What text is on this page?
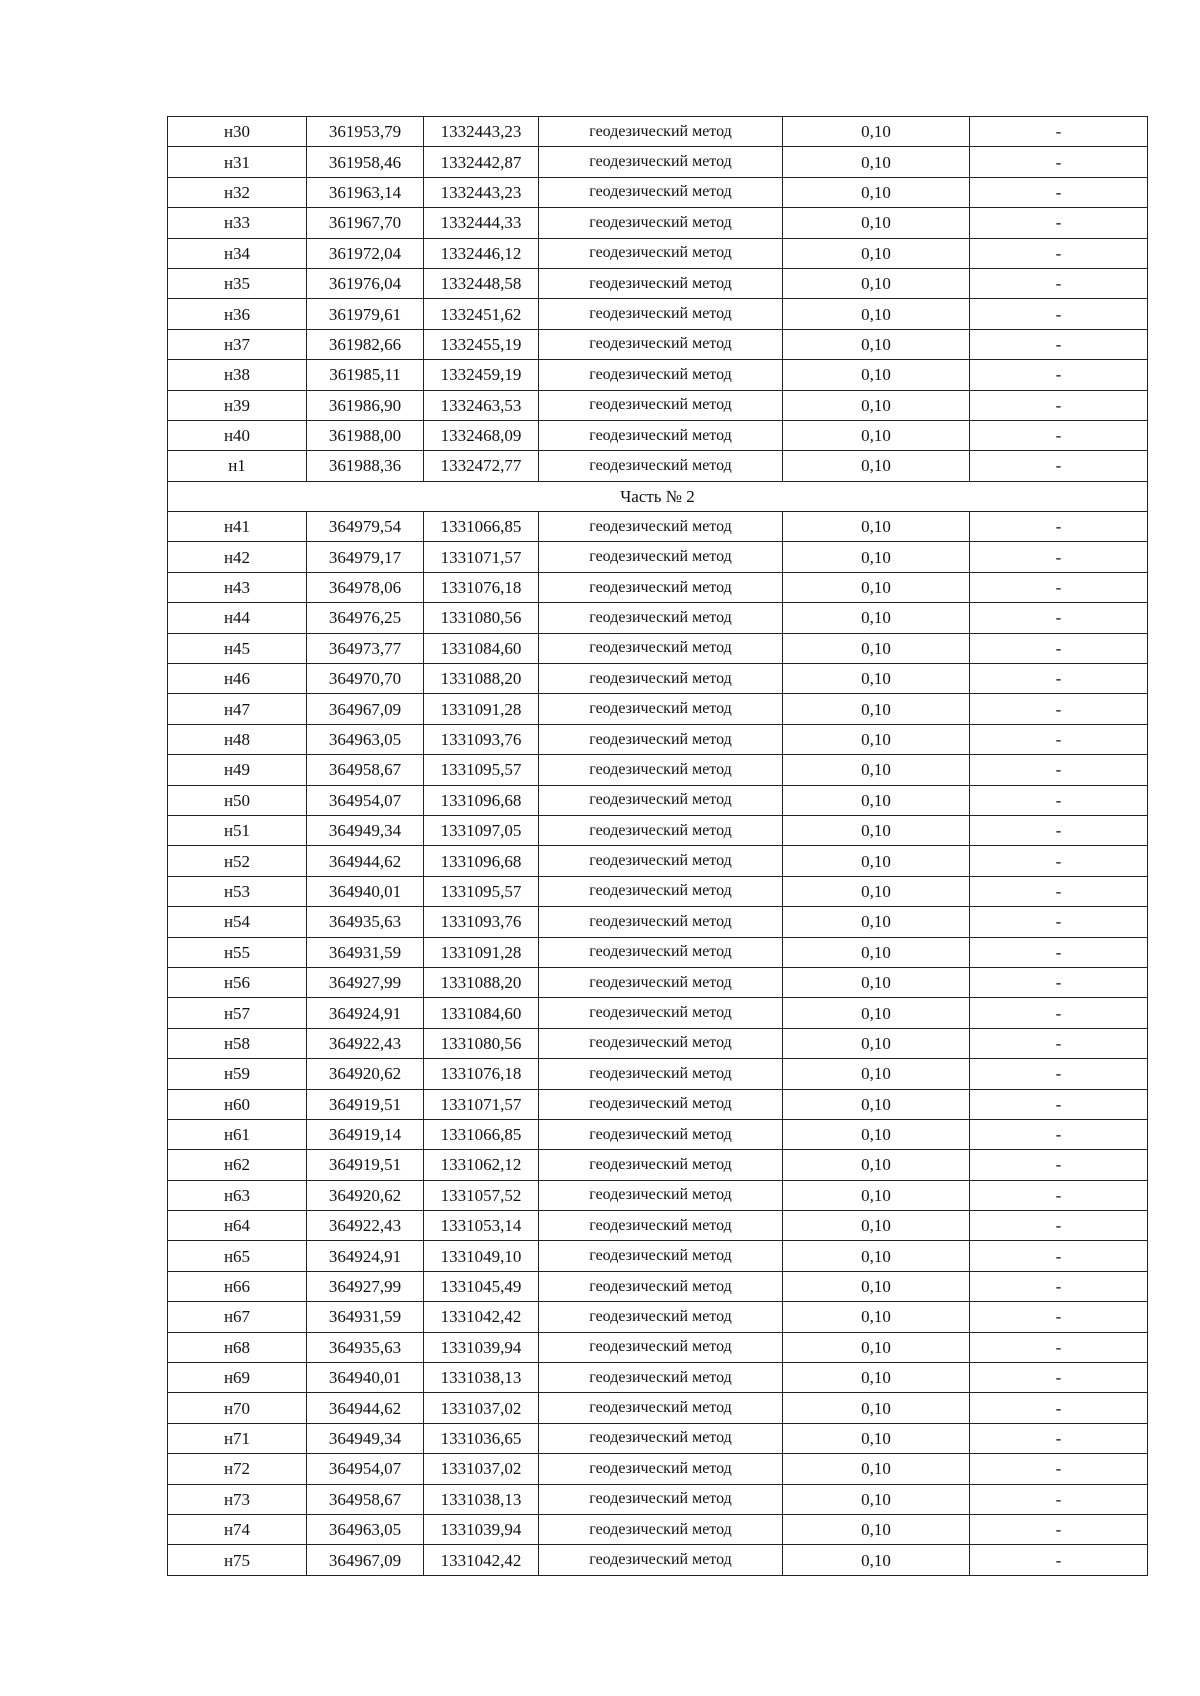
н30	361953,79	1332443,23	геодезический метод	0,10	-
н31	361958,46	1332442,87	геодезический метод	0,10	-
н32	361963,14	1332443,23	геодезический метод	0,10	-
н33	361967,70	1332444,33	геодезический метод	0,10	-
н34	361972,04	1332446,12	геодезический метод	0,10	-
н35	361976,04	1332448,58	геодезический метод	0,10	-
н36	361979,61	1332451,62	геодезический метод	0,10	-
н37	361982,66	1332455,19	геодезический метод	0,10	-
н38	361985,11	1332459,19	геодезический метод	0,10	-
н39	361986,90	1332463,53	геодезический метод	0,10	-
н40	361988,00	1332468,09	геодезический метод	0,10	-
н1	361988,36	1332472,77	геодезический метод	0,10	-
Часть № 2					
н41	364979,54	1331066,85	геодезический метод	0,10	-
н42	364979,17	1331071,57	геодезический метод	0,10	-
н43	364978,06	1331076,18	геодезический метод	0,10	-
н44	364976,25	1331080,56	геодезический метод	0,10	-
н45	364973,77	1331084,60	геодезический метод	0,10	-
н46	364970,70	1331088,20	геодезический метод	0,10	-
н47	364967,09	1331091,28	геодезический метод	0,10	-
н48	364963,05	1331093,76	геодезический метод	0,10	-
н49	364958,67	1331095,57	геодезический метод	0,10	-
н50	364954,07	1331096,68	геодезический метод	0,10	-
н51	364949,34	1331097,05	геодезический метод	0,10	-
н52	364944,62	1331096,68	геодезический метод	0,10	-
н53	364940,01	1331095,57	геодезический метод	0,10	-
н54	364935,63	1331093,76	геодезический метод	0,10	-
н55	364931,59	1331091,28	геодезический метод	0,10	-
н56	364927,99	1331088,20	геодезический метод	0,10	-
н57	364924,91	1331084,60	геодезический метод	0,10	-
н58	364922,43	1331080,56	геодезический метод	0,10	-
н59	364920,62	1331076,18	геодезический метод	0,10	-
н60	364919,51	1331071,57	геодезический метод	0,10	-
н61	364919,14	1331066,85	геодезический метод	0,10	-
н62	364919,51	1331062,12	геодезический метод	0,10	-
н63	364920,62	1331057,52	геодезический метод	0,10	-
н64	364922,43	1331053,14	геодезический метод	0,10	-
н65	364924,91	1331049,10	геодезический метод	0,10	-
н66	364927,99	1331045,49	геодезический метод	0,10	-
н67	364931,59	1331042,42	геодезический метод	0,10	-
н68	364935,63	1331039,94	геодезический метод	0,10	-
н69	364940,01	1331038,13	геодезический метод	0,10	-
н70	364944,62	1331037,02	геодезический метод	0,10	-
н71	364949,34	1331036,65	геодезический метод	0,10	-
н72	364954,07	1331037,02	геодезический метод	0,10	-
н73	364958,67	1331038,13	геодезический метод	0,10	-
н74	364963,05	1331039,94	геодезический метод	0,10	-
н75	364967,09	1331042,42	геодезический метод	0,10	-
